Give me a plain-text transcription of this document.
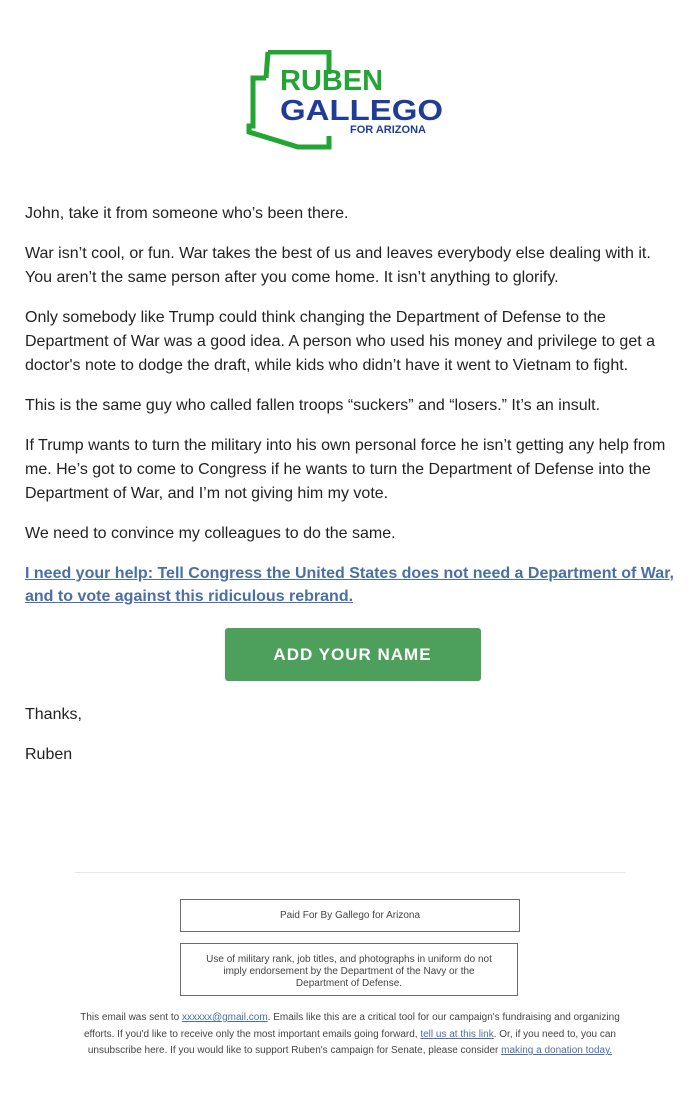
RUBEN
GALLEGO
FOR ARIZONA

John, take it from someone who’s been there.

War isn’t cool, or fun. War takes the best of us and leaves everybody else dealing with it. You aren’t the same person after you come home. It isn’t anything to glorify.

Only somebody like Trump could think changing the Department of Defense to the Department of War was a good idea. A person who used his money and privilege to get a doctor's note to dodge the draft, while kids who didn’t have it went to Vietnam to fight.

This is the same guy who called fallen troops “suckers” and “losers.” It’s an insult.

If Trump wants to turn the military into his own personal force he isn’t getting any help from me. He’s got to come to Congress if he wants to turn the Department of Defense into the Department of War, and I’m not giving him my vote.

We need to convince my colleagues to do the same.

I need your help: Tell Congress the United States does not need a Department of War, and to vote against this ridiculous rebrand.
ADD YOUR NAME

Thanks,

Ruben

Paid For By Gallego for Arizona
Use of military rank, job titles, and photographs in uniform do not imply endorsement by the Department of the Navy or the Department of Defense.
This email was sent to xxxxxx@gmail.com. Emails like this are a critical tool for our campaign's fundraising and organizing efforts. If you'd like to receive only the most important emails going forward, tell us at this link. Or, if you need to, you can unsubscribe here. If you would like to support Ruben's campaign for Senate, please consider making a donation today.
